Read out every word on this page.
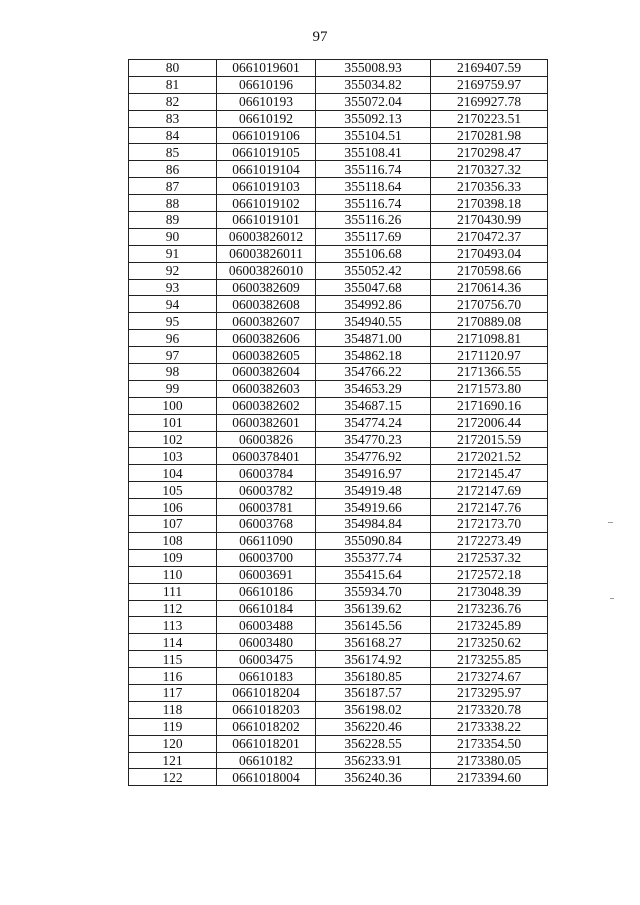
97
80	0661019601	355008.93	2169407.59
81	06610196	355034.82	2169759.97
82	06610193	355072.04	2169927.78
83	06610192	355092.13	2170223.51
84	0661019106	355104.51	2170281.98
85	0661019105	355108.41	2170298.47
86	0661019104	355116.74	2170327.32
87	0661019103	355118.64	2170356.33
88	0661019102	355116.74	2170398.18
89	0661019101	355116.26	2170430.99
90	06003826012	355117.69	2170472.37
91	06003826011	355106.68	2170493.04
92	06003826010	355052.42	2170598.66
93	0600382609	355047.68	2170614.36
94	0600382608	354992.86	2170756.70
95	0600382607	354940.55	2170889.08
96	0600382606	354871.00	2171098.81
97	0600382605	354862.18	2171120.97
98	0600382604	354766.22	2171366.55
99	0600382603	354653.29	2171573.80
100	0600382602	354687.15	2171690.16
101	0600382601	354774.24	2172006.44
102	06003826	354770.23	2172015.59
103	0600378401	354776.92	2172021.52
104	06003784	354916.97	2172145.47
105	06003782	354919.48	2172147.69
106	06003781	354919.66	2172147.76
107	06003768	354984.84	2172173.70
108	06611090	355090.84	2172273.49
109	06003700	355377.74	2172537.32
110	06003691	355415.64	2172572.18
111	06610186	355934.70	2173048.39
112	06610184	356139.62	2173236.76
113	06003488	356145.56	2173245.89
114	06003480	356168.27	2173250.62
115	06003475	356174.92	2173255.85
116	06610183	356180.85	2173274.67
117	0661018204	356187.57	2173295.97
118	0661018203	356198.02	2173320.78
119	0661018202	356220.46	2173338.22
120	0661018201	356228.55	2173354.50
121	06610182	356233.91	2173380.05
122	0661018004	356240.36	2173394.60
